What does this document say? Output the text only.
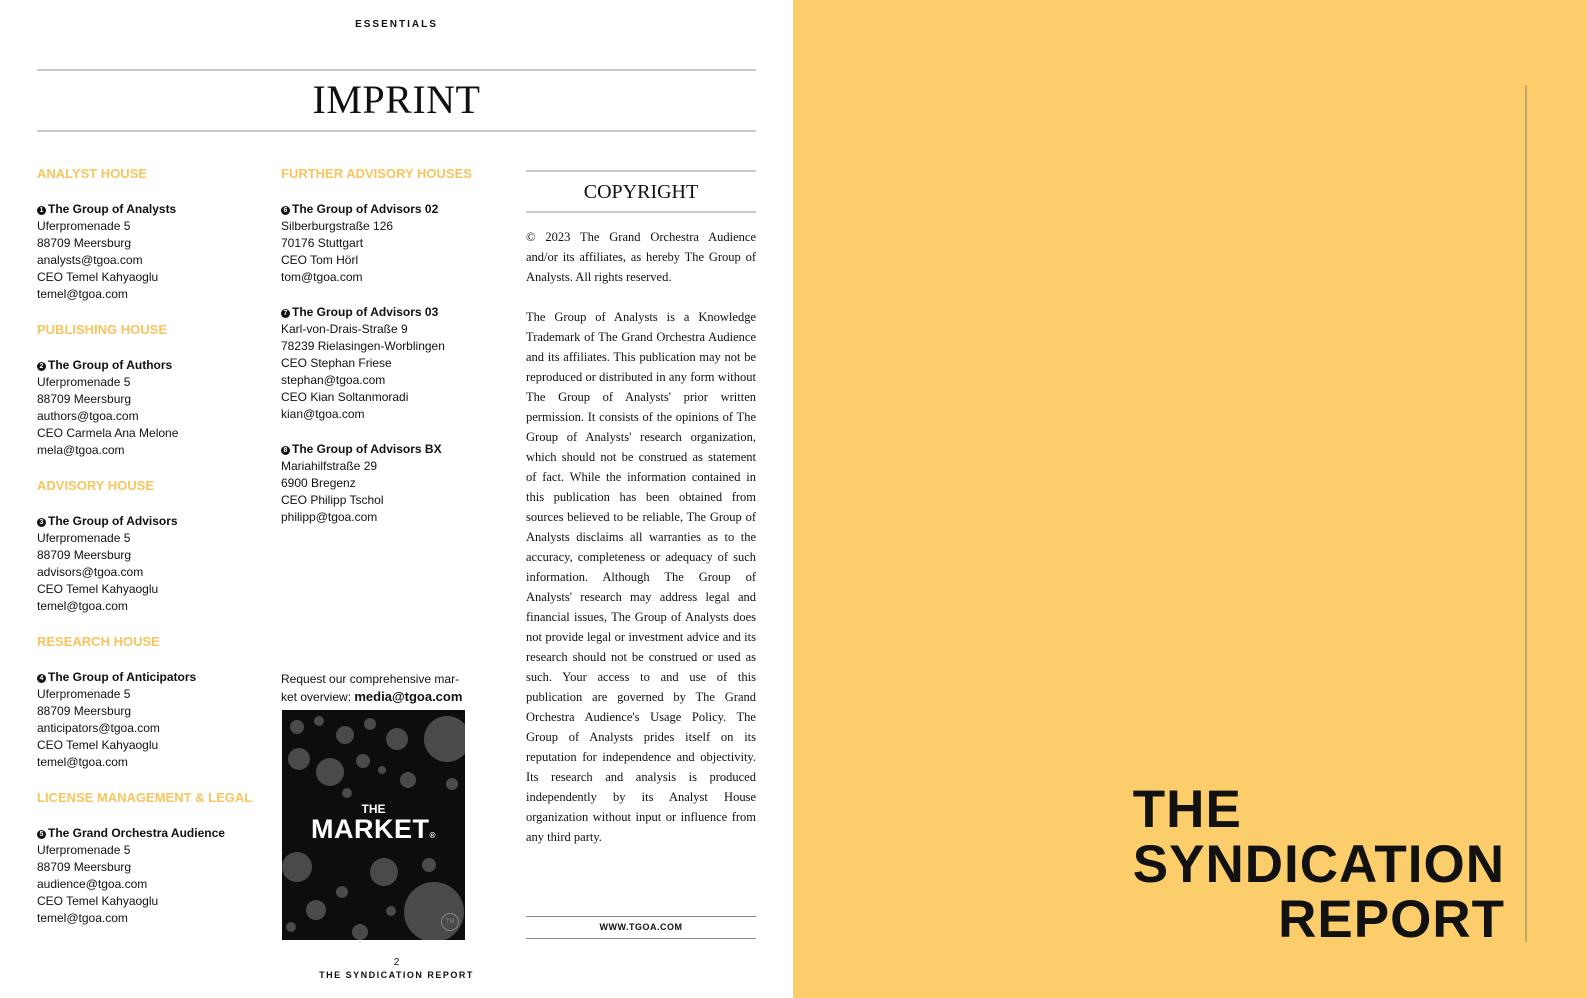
ESSENTIALS
IMPRINT
ANALYST HOUSE
1 The Group of Analysts
Uferpromenade 5
88709 Meersburg
analysts@tgoa.com
CEO Temel Kahyaoglu
temel@tgoa.com
PUBLISHING HOUSE
2 The Group of Authors
Uferpromenade 5
88709 Meersburg
authors@tgoa.com
CEO Carmela Ana Melone
mela@tgoa.com
ADVISORY HOUSE
3 The Group of Advisors
Uferpromenade 5
88709 Meersburg
advisors@tgoa.com
CEO Temel Kahyaoglu
temel@tgoa.com
RESEARCH HOUSE
4 The Group of Anticipators
Uferpromenade 5
88709 Meersburg
anticipators@tgoa.com
CEO Temel Kahyaoglu
temel@tgoa.com
LICENSE MANAGEMENT & LEGAL
5 The Grand Orchestra Audience
Uferpromenade 5
88709 Meersburg
audience@tgoa.com
CEO Temel Kahyaoglu
temel@tgoa.com
FURTHER ADVISORY HOUSES
6 The Group of Advisors 02
Silberburgstraße 126
70176 Stuttgart
CEO Tom Hörl
tom@tgoa.com
7 The Group of Advisors 03
Karl-von-Drais-Straße 9
78239 Rielasingen-Worblingen
CEO Stephan Friese
stephan@tgoa.com
CEO Kian Soltanmoradi
kian@tgoa.com
8 The Group of Advisors BX
Mariahilfstraße 29
6900 Bregenz
CEO Philipp Tschol
philipp@tgoa.com
Request our comprehensive mar-ket overview: media@tgoa.com
THE
MARKET®
TM
COPYRIGHT

© 2023 The Grand Orchestra Audience and/or its affiliates, as hereby The Group of Analysts. All rights reserved.

The Group of Analysts is a Knowledge Trademark of The Grand Orchestra Audience and its affiliates. This publication may not be reproduced or distributed in any form without The Group of Analysts' prior written permission. It consists of the opinions of The Group of Analysts' research organization, which should not be construed as statement of fact. While the information contained in this publication has been obtained from sources believed to be reliable, The Group of Analysts disclaims all warranties as to the accuracy, completeness or adequacy of such information. Although The Group of Analysts' research may address legal and financial issues, The Group of Analysts does not provide legal or investment advice and its research should not be construed or used as such. Your access to and use of this publication are governed by The Grand Orchestra Audience's Usage Policy. The Group of Analysts prides itself on its reputation for independence and objectivity. Its research and analysis is produced independently by its Analyst House organization without input or influence from any third party.

WWW.TGOA.COM
2
THE SYNDICATION REPORT
THE
SYNDICATION
REPORT
